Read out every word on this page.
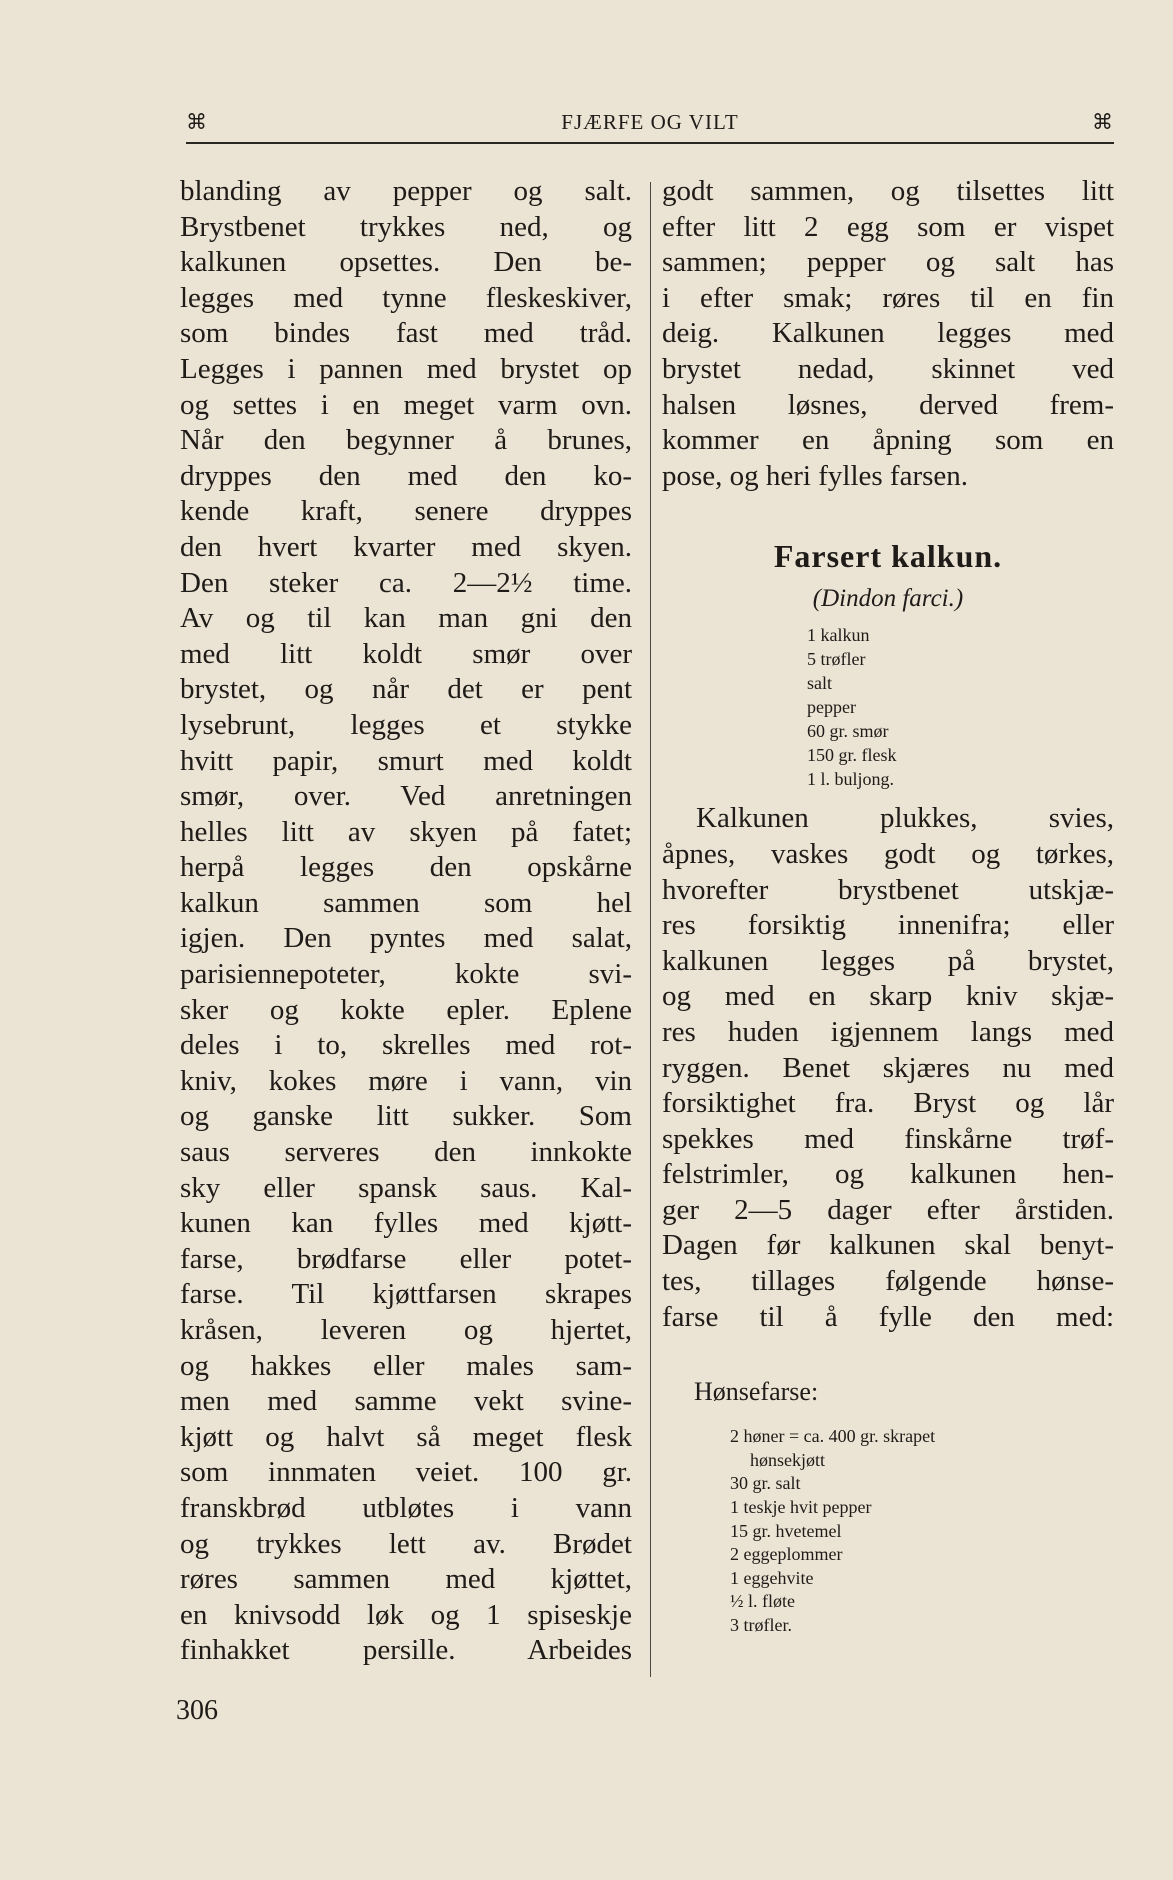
⌘	FJÆRFE OG VILT	⌘
blanding av pepper og salt.
Brystbenet trykkes ned, og
kalkunen opsettes. Den be-
legges med tynne fleskeskiver,
som bindes fast med tråd.
Legges i pannen med brystet op
og settes i en meget varm ovn.
Når den begynner å brunes,
dryppes den med den ko-
kende kraft, senere dryppes
den hvert kvarter med skyen.
Den steker ca. 2—2½ time.
Av og til kan man gni den
med litt koldt smør over
brystet, og når det er pent
lysebrunt, legges et stykke
hvitt papir, smurt med koldt
smør, over. Ved anretningen
helles litt av skyen på fatet;
herpå legges den opskårne
kalkun sammen som hel
igjen. Den pyntes med salat,
parisiennepoteter, kokte svi-
sker og kokte epler. Eplene
deles i to, skrelles med rot-
kniv, kokes møre i vann, vin
og ganske litt sukker. Som
saus serveres den innkokte
sky eller spansk saus. Kal-
kunen kan fylles med kjøtt-
farse, brødfarse eller potet-
farse. Til kjøttfarsen skrapes
kråsen, leveren og hjertet,
og hakkes eller males sam-
men med samme vekt svine-
kjøtt og halvt så meget flesk
som innmaten veiet. 100 gr.
franskbrød utbløtes i vann
og trykkes lett av. Brødet
røres sammen med kjøttet,
en knivsodd løk og 1 spiseskje
finhakket persille. Arbeides
godt sammen, og tilsettes litt
efter litt 2 egg som er vispet
sammen; pepper og salt has
i efter smak; røres til en fin
deig. Kalkunen legges med
brystet nedad, skinnet ved
halsen løsnes, derved frem-
kommer en åpning som en
pose, og heri fylles farsen.
Farsert kalkun.
(Dindon farci.)
1 kalkun
5 trøfler
salt
pepper
60 gr. smør
150 gr. flesk
1 l. buljong.
Kalkunen plukkes, svies,
åpnes, vaskes godt og tørkes,
hvorefter brystbenet utskjæ-
res forsiktig innenifra; eller
kalkunen legges på brystet,
og med en skarp kniv skjæ-
res huden igjennem langs med
ryggen. Benet skjæres nu med
forsiktighet fra. Bryst og lår
spekkes med finskårne trøf-
felstrimler, og kalkunen hen-
ger 2—5 dager efter årstiden.
Dagen før kalkunen skal benyt-
tes, tillages følgende hønse-
farse til å fylle den med:
Hønsefarse:
2 høner = ca. 400 gr. skrapet
hønsekjøtt
30 gr. salt
1 teskje hvit pepper
15 gr. hvetemel
2 eggeplommer
1 eggehvite
½ l. fløte
3 trøfler.
306
